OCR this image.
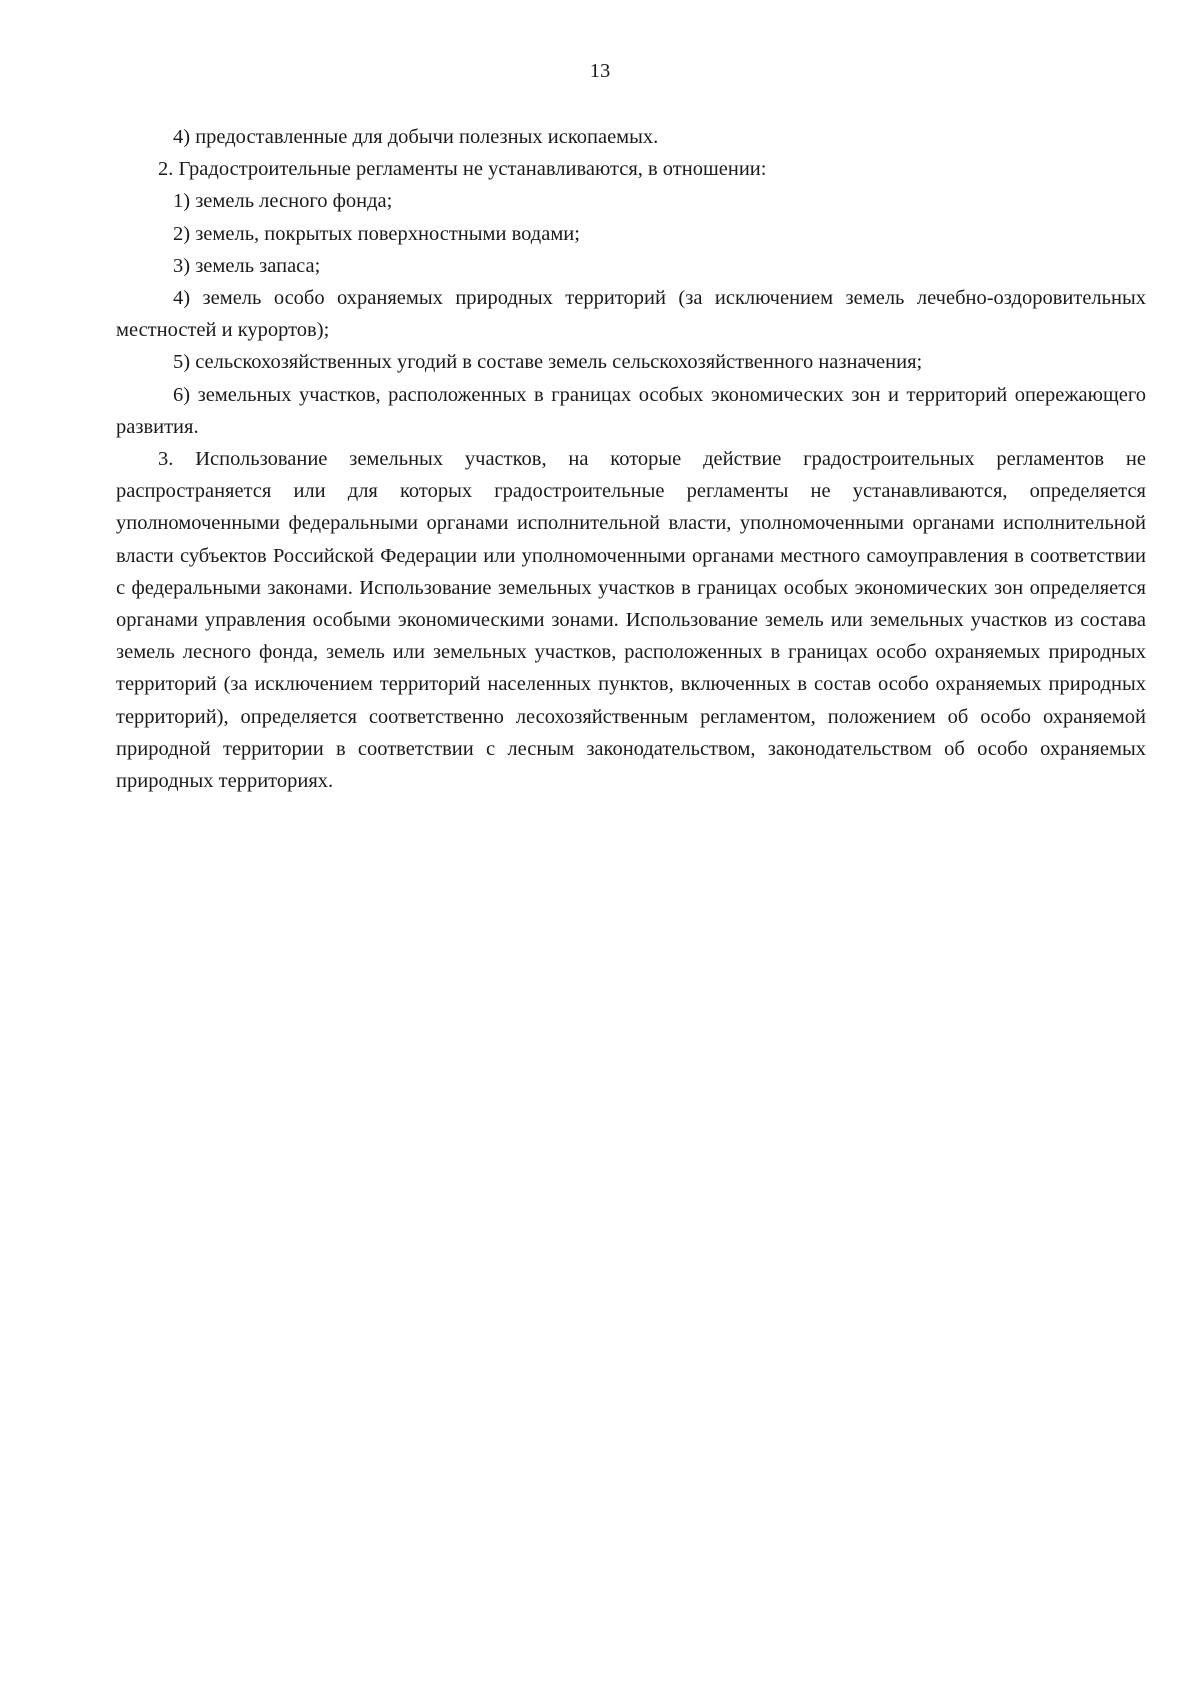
13

4) предоставленные для добычи полезных ископаемых.

2. Градостроительные регламенты не устанавливаются, в отношении:

1) земель лесного фонда;

2) земель, покрытых поверхностными водами;

3) земель запаса;

4) земель особо охраняемых природных территорий (за исключением земель лечебно-оздоровительных местностей и курортов);

5) сельскохозяйственных угодий в составе земель сельскохозяйственного назначения;

6) земельных участков, расположенных в границах особых экономических зон и территорий опережающего развития.

3. Использование земельных участков, на которые действие градостроительных регламентов не распространяется или для которых градостроительные регламенты не устанавливаются, определяется уполномоченными федеральными органами исполнительной власти, уполномоченными органами исполнительной власти субъектов Российской Федерации или уполномоченными органами местного самоуправления в соответствии с федеральными законами. Использование земельных участков в границах особых экономических зон определяется органами управления особыми экономическими зонами. Использование земель или земельных участков из состава земель лесного фонда, земель или земельных участков, расположенных в границах особо охраняемых природных территорий (за исключением территорий населенных пунктов, включенных в состав особо охраняемых природных территорий), определяется соответственно лесохозяйственным регламентом, положением об особо охраняемой природной территории в соответствии с лесным законодательством, законодательством об особо охраняемых природных территориях.
